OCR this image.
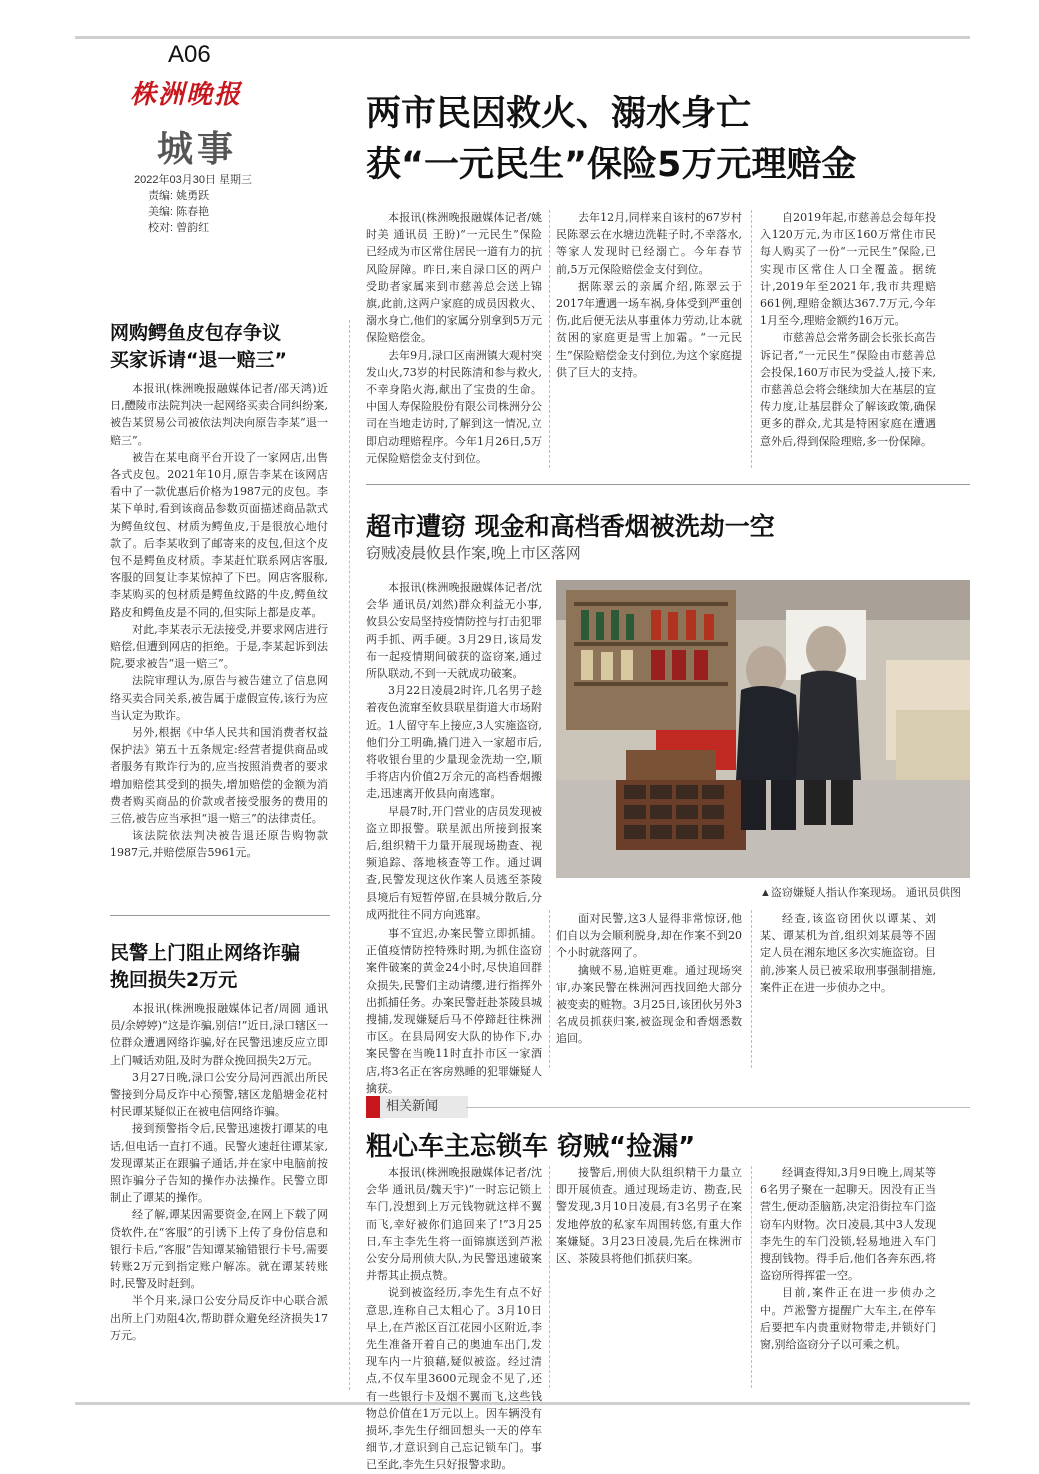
A06
株洲晚报
城事
2022年03月30日 星期三
责编: 姚勇跃
美编: 陈春艳
校对: 曾韵红
两市民因救火、溺水身亡
获“一元民生”保险5万元理赔金

本报讯(株洲晚报融媒体记者/姚时美 通讯员 王盼)“一元民生”保险已经成为市区常住居民一道有力的抗风险屏障。昨日,来自渌口区的两户受助者家属来到市慈善总会送上锦旗,此前,这两户家庭的成员因救火、溺水身亡,他们的家属分别拿到5万元保险赔偿金。

去年9月,渌口区南洲镇大观村突发山火,73岁的村民陈清和参与救火,不幸身陷火海,献出了宝贵的生命。中国人寿保险股份有限公司株洲分公司在当地走访时,了解到这一情况,立即启动理赔程序。今年1月26日,5万元保险赔偿金支付到位。

去年12月,同样来自该村的67岁村民陈翠云在水塘边洗鞋子时,不幸落水,等家人发现时已经溺亡。今年春节前,5万元保险赔偿金支付到位。

据陈翠云的亲属介绍,陈翠云于2017年遭遇一场车祸,身体受到严重创伤,此后便无法从事重体力劳动,让本就贫困的家庭更是雪上加霜。“一元民生”保险赔偿金支付到位,为这个家庭提供了巨大的支持。

自2019年起,市慈善总会每年投入120万元,为市区160万常住市民每人购买了一份“一元民生”保险,已实现市区常住人口全覆盖。据统计,2019年至2021年,我市共理赔661例,理赔金额达367.7万元,今年1月至今,理赔金额约16万元。

市慈善总会常务副会长张长高告诉记者,“一元民生”保险由市慈善总会投保,160万市民为受益人,接下来,市慈善总会将会继续加大在基层的宣传力度,让基层群众了解该政策,确保更多的群众,尤其是特困家庭在遭遇意外后,得到保险理赔,多一份保障。

网购鳄鱼皮包存争议
买家诉请“退一赔三”

本报讯(株洲晚报融媒体记者/邵天鸿)近日,醴陵市法院判决一起网络买卖合同纠纷案,被告某贸易公司被依法判决向原告李某“退一赔三”。

被告在某电商平台开设了一家网店,出售各式皮包。2021年10月,原告李某在该网店看中了一款优惠后价格为1987元的皮包。李某下单时,看到该商品参数页面描述商品款式为鳄鱼纹包、材质为鳄鱼皮,于是很放心地付款了。后李某收到了邮寄来的皮包,但这个皮包不是鳄鱼皮材质。李某赶忙联系网店客服,客服的回复让李某惊掉了下巴。网店客服称,李某购买的包材质是鳄鱼纹路的牛皮,鳄鱼纹路皮和鳄鱼皮是不同的,但实际上都是皮革。

对此,李某表示无法接受,并要求网店进行赔偿,但遭到网店的拒绝。于是,李某起诉到法院,要求被告“退一赔三”。

法院审理认为,原告与被告建立了信息网络买卖合同关系,被告属于虚假宣传,该行为应当认定为欺诈。

另外,根据《中华人民共和国消费者权益保护法》第五十五条规定:经营者提供商品或者服务有欺诈行为的,应当按照消费者的要求增加赔偿其受到的损失,增加赔偿的金额为消费者购买商品的价款或者接受服务的费用的三倍,被告应当承担“退一赔三”的法律责任。

该法院依法判决被告退还原告购物款1987元,并赔偿原告5961元。

民警上门阻止网络诈骗
挽回损失2万元

本报讯(株洲晚报融媒体记者/周圆 通讯员/余婷婷)“这是诈骗,别信!”近日,渌口辖区一位群众遭遇网络诈骗,好在民警迅速反应立即上门喊话劝阻,及时为群众挽回损失2万元。

3月27日晚,渌口公安分局河西派出所民警接到分局反诈中心预警,辖区龙船塘金花村村民谭某疑似正在被电信网络诈骗。

接到预警指令后,民警迅速拨打谭某的电话,但电话一直打不通。民警火速赶往谭某家,发现谭某正在跟骗子通话,并在家中电脑前按照诈骗分子告知的操作办法操作。民警立即制止了谭某的操作。

经了解,谭某因需要资金,在网上下载了网贷软件,在“客服”的引诱下上传了身份信息和银行卡后,“客服”告知谭某输错银行卡号,需要转账2万元到指定账户解冻。就在谭某转账时,民警及时赶到。

半个月来,渌口公安分局反诈中心联合派出所上门劝阻4次,帮助群众避免经济损失17万元。

超市遭窃 现金和高档香烟被洗劫一空
窃贼凌晨攸县作案,晚上市区落网

本报讯(株洲晚报融媒体记者/沈会华 通讯员/刘然)群众利益无小事,攸县公安局坚持疫情防控与打击犯罪两手抓、两手硬。3月29日,该局发布一起疫情期间破获的盗窃案,通过所队联动,不到一天就成功破案。

3月22日凌晨2时许,几名男子趁着夜色流窜至攸县联星街道大市场附近。1人留守车上接应,3人实施盗窃,他们分工明确,撬门进入一家超市后,将收银台里的少量现金洗劫一空,顺手将店内价值2万余元的高档香烟搬走,迅速离开攸县向南逃窜。

早晨7时,开门营业的店员发现被盗立即报警。联星派出所接到报案后,组织精干力量开展现场勘查、视频追踪、落地核查等工作。通过调查,民警发现这伙作案人员逃至茶陵县境后有短暂停留,在县城分散后,分成两批往不同方向逃窜。

▲盗窃嫌疑人指认作案现场。 通讯员供图

事不宜迟,办案民警立即抓捕。正值疫情防控特殊时期,为抓住盗窃案件破案的黄金24小时,尽快追回群众损失,民警们主动请缨,进行指挥外出抓捕任务。办案民警赶赴茶陵县城搜捕,发现嫌疑后马不停蹄赶往株洲市区。在县局网安大队的协作下,办案民警在当晚11时直扑市区一家酒店,将3名正在客房熟睡的犯罪嫌疑人擒获。

面对民警,这3人显得非常惊讶,他们自以为会顺利脱身,却在作案不到20个小时就落网了。

擒贼不易,追赃更难。通过现场突审,办案民警在株洲河西找回绝大部分被变卖的赃物。3月25日,该团伙另外3名成员抓获归案,被盗现金和香烟悉数追回。

经查,该盗窃团伙以谭某、刘某、谭某机为首,组织刘某晨等不固定人员在湘东地区多次实施盗窃。目前,涉案人员已被采取刑事强制措施,案件正在进一步侦办之中。

相关新闻
粗心车主忘锁车 窃贼“捡漏”

本报讯(株洲晚报融媒体记者/沈会华 通讯员/魏天宇)“一时忘记锁上车门,没想到上万元钱物就这样不翼而飞,幸好被你们追回来了!”3月25日,车主李先生将一面锦旗送到芦淞公安分局刑侦大队,为民警迅速破案并帮其止损点赞。

说到被盗经历,李先生有点不好意思,连称自己太粗心了。3月10日早上,在芦淞区百江花园小区附近,李先生准备开着自己的奥迪车出门,发现车内一片狼藉,疑似被盗。经过清点,不仅车里3600元现金不见了,还有一些银行卡及烟不翼而飞,这些钱物总价值在1万元以上。因车辆没有损坏,李先生仔细回想头一天的停车细节,才意识到自己忘记锁车门。事已至此,李先生只好报警求助。

接警后,刑侦大队组织精干力量立即开展侦查。通过现场走访、勘查,民警发现,3月10日凌晨,有3名男子在案发地停放的私家车周围转悠,有重大作案嫌疑。3月23日凌晨,先后在株洲市区、茶陵县将他们抓获归案。

经调查得知,3月9日晚上,周某等6名男子聚在一起聊天。因没有正当营生,便动歪脑筋,决定沿街拉车门盗窃车内财物。次日凌晨,其中3人发现李先生的车门没锁,轻易地进入车门搜刮钱物。得手后,他们各奔东西,将盗窃所得挥霍一空。

目前,案件正在进一步侦办之中。芦淞警方提醒广大车主,在停车后要把车内贵重财物带走,并锁好门窗,别给盗窃分子以可乘之机。
